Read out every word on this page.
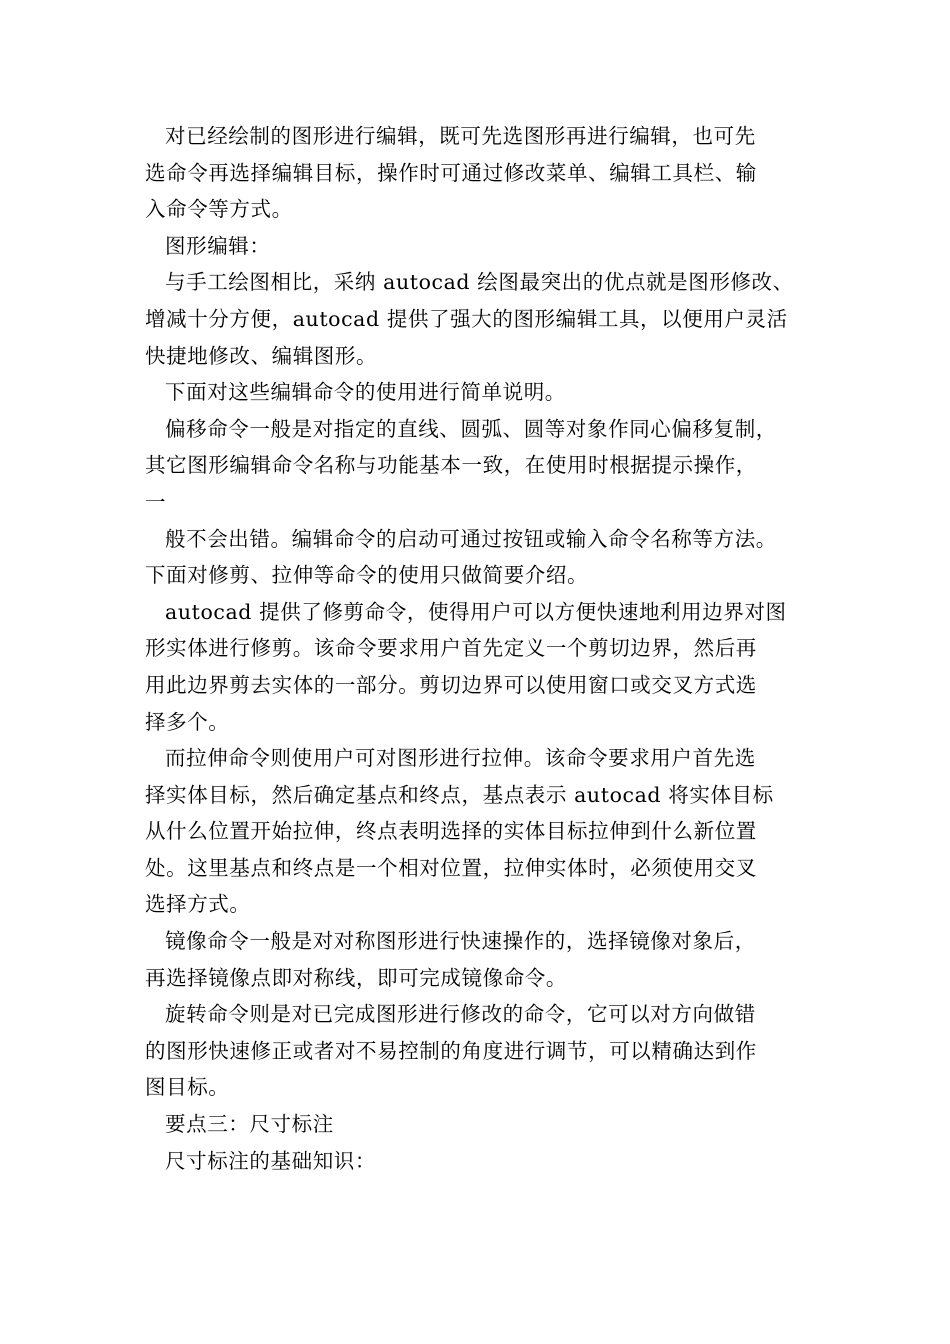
对已经绘制的图形进行编辑，既可先选图形再进行编辑，也可先
选命令再选择编辑目标，操作时可通过修改菜单、编辑工具栏、输
入命令等方式。
图形编辑：
与手工绘图相比，采纳 autocad 绘图最突出的优点就是图形修改、
增减十分方便，autocad 提供了强大的图形编辑工具，以便用户灵活
快捷地修改、编辑图形。
下面对这些编辑命令的使用进行简单说明。
偏移命令一般是对指定的直线、圆弧、圆等对象作同心偏移复制，
其它图形编辑命令名称与功能基本一致，在使用时根据提示操作，
一
般不会出错。编辑命令的启动可通过按钮或输入命令名称等方法。
下面对修剪、拉伸等命令的使用只做简要介绍。
autocad 提供了修剪命令，使得用户可以方便快速地利用边界对图
形实体进行修剪。该命令要求用户首先定义一个剪切边界，然后再
用此边界剪去实体的一部分。剪切边界可以使用窗口或交叉方式选
择多个。
而拉伸命令则使用户可对图形进行拉伸。该命令要求用户首先选
择实体目标，然后确定基点和终点，基点表示 autocad 将实体目标
从什么位置开始拉伸，终点表明选择的实体目标拉伸到什么新位置
处。这里基点和终点是一个相对位置，拉伸实体时，必须使用交叉
选择方式。
镜像命令一般是对对称图形进行快速操作的，选择镜像对象后，
再选择镜像点即对称线，即可完成镜像命令。
旋转命令则是对已完成图形进行修改的命令，它可以对方向做错
的图形快速修正或者对不易控制的角度进行调节，可以精确达到作
图目标。
要点三：尺寸标注
尺寸标注的基础知识：
